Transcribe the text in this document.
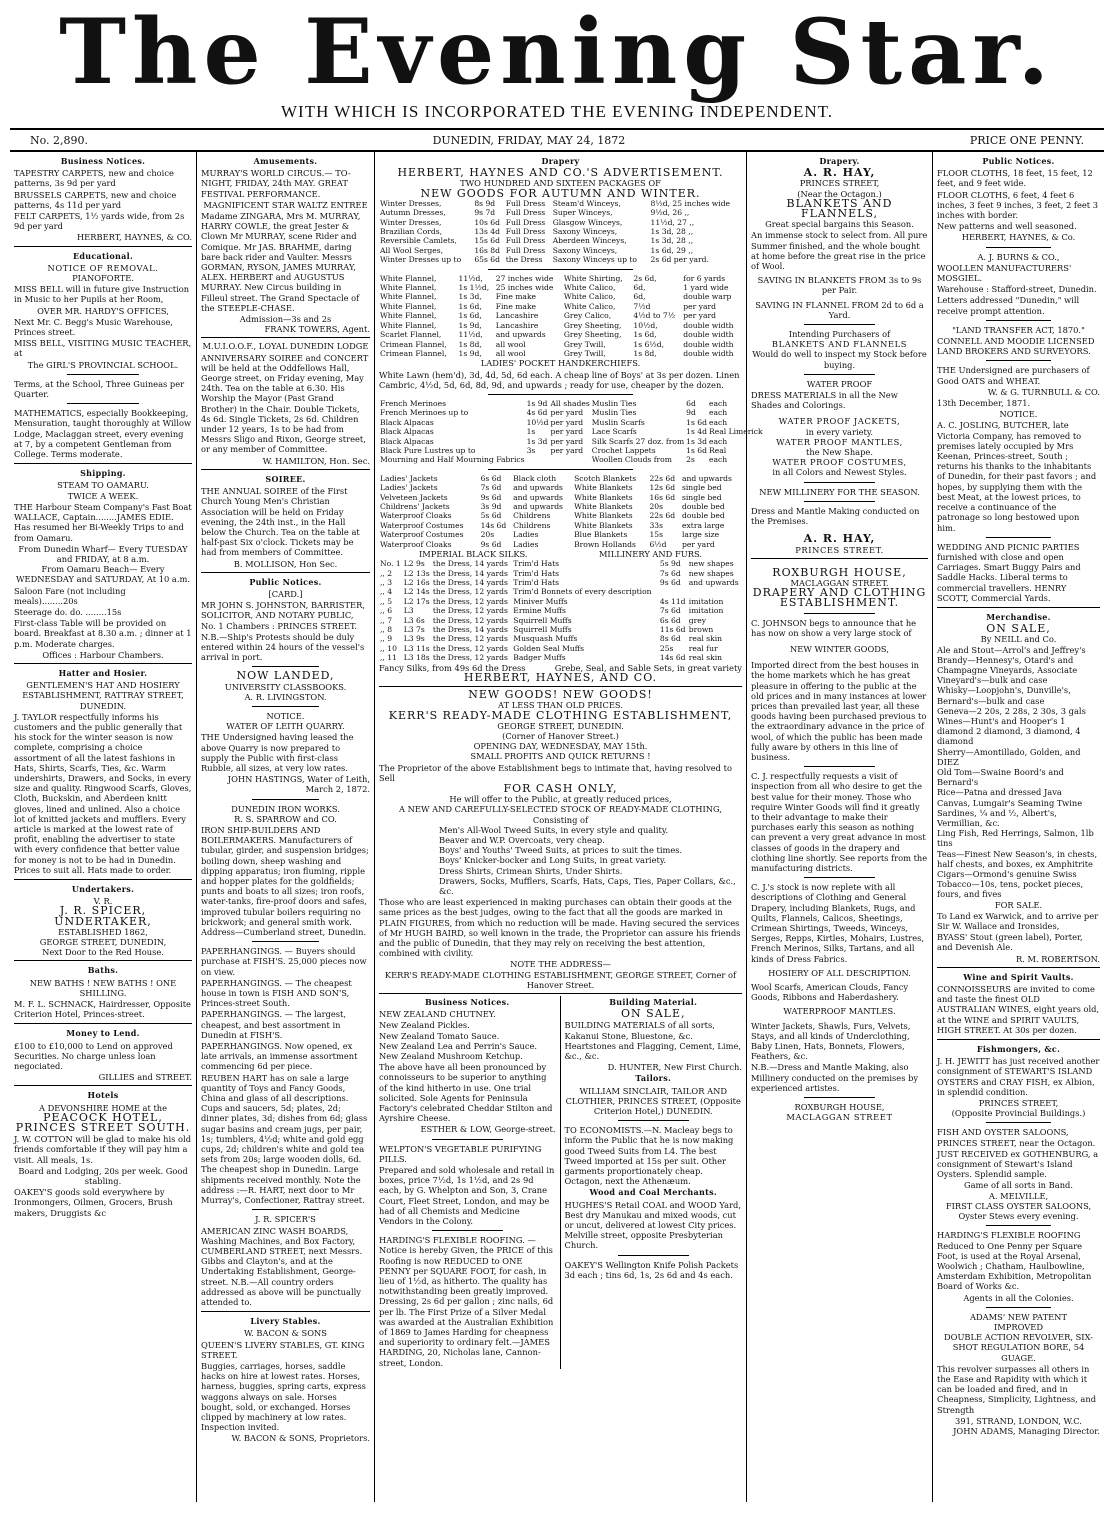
The Evening Star.
WITH WHICH IS INCORPORATED THE EVENING INDEPENDENT.
No. 2,890.	DUNEDIN, FRIDAY, MAY 24, 1872	PRICE ONE PENNY.
Business Notices.
TAPESTRY CARPETS, new and choice patterns, 3s 9d per yard
BRUSSELS CARPETS, new and choice patterns, 4s 11d per yard
FELT CARPETS, 1½ yards wide, from 2s 9d per yard
HERBERT, HAYNES, & CO.
Educational.
NOTICE OF REMOVAL.
PIANOFORTE.
MISS BELL will in future give Instruction in Music to her Pupils at her Room,
OVER MR. HARDY'S OFFICES,
Next Mr. C. Begg's Music Warehouse, Princes street.
MISS BELL, VISITING MUSIC TEACHER, at
The GIRL'S PROVINCIAL SCHOOL.
Terms, at the School, Three Guineas per Quarter.
MATHEMATICS, especially Bookkeeping, Mensuration, taught thoroughly at Willow Lodge, Maclaggan street, every evening at 7, by a competent Gentleman from College. Terms moderate.
Shipping.
STEAM TO OAMARU.
TWICE A WEEK.
THE Harbour Steam Company's Fast Boat WALLACE, Captain........JAMES EDIE. Has resumed her Bi-Weekly Trips to and from Oamaru.
From Dunedin Wharf— Every TUESDAY and FRIDAY, at 8 a.m.
From Oamaru Beach— Every WEDNESDAY and SATURDAY, At 10 a.m.
Saloon Fare (not including meals)........20s
Steerage do. do. ........15s
First-class Table will be provided on board. Breakfast at 8.30 a.m. ; dinner at 1 p.m. Moderate charges.
Offices : Harbour Chambers.
Hatter and Hosier.
GENTLEMEN'S HAT AND HOSIERY ESTABLISHMENT, RATTRAY STREET, DUNEDIN.
J. TAYLOR respectfully informs his customers and the public generally that his stock for the winter season is now complete, comprising a choice assortment of all the latest fashions in Hats, Shirts, Scarfs, Ties, &c. Warm undershirts, Drawers, and Socks, in every size and quality. Ringwood Scarfs, Gloves, Cloth, Buckskin, and Aberdeen knitt gloves, lined and unlined. Also a choice lot of knitted jackets and mufflers. Every article is marked at the lowest rate of profit, enabling the advertiser to state with every confidence that better value for money is not to be had in Dunedin. Prices to suit all. Hats made to order.
Undertakers.
V. R.
J. R. SPICER, UNDERTAKER,
ESTABLISHED 1862,
GEORGE STREET, DUNEDIN,
Next Door to the Red House.
Baths.
NEW BATHS ! NEW BATHS ! ONE SHILLING.
M. F. L. SCHNACK, Hairdresser, Opposite Criterion Hotel, Princes-street.
Money to Lend.
£100 to £10,000 to Lend on approved Securities. No charge unless loan negociated.
GILLIES and STREET.
Hotels
A DEVONSHIRE HOME at the
PEACOCK HOTEL, PRINCES STREET SOUTH.
J. W. COTTON will be glad to make his old friends comfortable if they will pay him a visit. All meals, 1s.
Board and Lodging, 20s per week. Good stabling.
OAKEY'S goods sold everywhere by Ironmongers, Oilmen, Grocers, Brush makers, Druggists &c
Amusements.
MURRAY'S WORLD CIRCUS.— TO-NIGHT, FRIDAY, 24th MAY. GREAT FESTIVAL PERFORMANCE.
MAGNIFICENT STAR WALTZ ENTREE
Madame ZINGARA, Mrs M. MURRAY, HARRY COWLE, the great Jester & Clown Mr MURRAY, scene Rider and Comique. Mr JAS. BRAHME, daring bare back rider and Vaulter. Messrs GORMAN, RYSON, JAMES MURRAY, ALEX. HERBERT and AUGUSTUS MURRAY. New Circus building in Filleul street. The Grand Spectacle of the STEEPLE-CHASE.
Admission—3s and 2s
FRANK TOWERS, Agent.
M.U.I.O.O.F., LOYAL DUNEDIN LODGE
ANNIVERSARY SOIREE and CONCERT will be held at the Oddfellows Hall, George street, on Friday evening, May 24th. Tea on the table at 6.30. His Worship the Mayor (Past Grand Brother) in the Chair. Double Tickets, 4s 6d. Single Tickets, 2s 6d. Children under 12 years, 1s to be had from Messrs Sligo and Rixon, George street, or any member of Committee.
W. HAMILTON, Hon. Sec.
SOIREE.
THE ANNUAL SOIREE of the First Church Young Men's Christian Association will be held on Friday evening, the 24th inst., in the Hall below the Church. Tea on the table at half-past Six o'clock. Tickets may be had from members of Committee.
B. MOLLISON, Hon Sec.
Public Notices.
[CARD.]
MR JOHN S. JOHNSTON, BARRISTER, SOLICITOR, AND NOTARY PUBLIC, No. 1 Chambers : PRINCES STREET.
N.B.—Ship's Protests should be duly entered within 24 hours of the vessel's arrival in port.
NOW LANDED,
UNIVERSITY CLASSBOOKS.
A. R. LIVINGSTON.
NOTICE.
WATER OF LEITH QUARRY.
THE Undersigned having leased the above Quarry is now prepared to supply the Public with first-class Rubble, all sizes, at very low rates.
JOHN HASTINGS, Water of Leith, March 2, 1872.
DUNEDIN IRON WORKS.
R. S. SPARROW and CO.
IRON SHIP-BUILDERS AND BOILERMAKERS. Manufacturers of tubular, girder, and suspension bridges; boiling down, sheep washing and dipping apparatus; iron fluming, ripple and hopper plates for the goldfields; punts and boats to all sizes; iron roofs, water-tanks, fire-proof doors and safes, improved tubular boilers requiring no brickwork; and general smith work. Address—Cumberland street, Dunedin.
PAPERHANGINGS. — Buyers should purchase at FISH'S. 25,000 pieces now on view.
PAPERHANGINGS. — The cheapest house in town is FISH AND SON'S, Princes-street South.
PAPERHANGINGS. — The largest, cheapest, and best assortment in Dunedin at FISH'S.
PAPERHANGINGS. Now opened, ex late arrivals, an immense assortment commencing 6d per piece.
REUBEN HART has on sale a large quantity of Toys and Fancy Goods, China and glass of all descriptions. Cups and saucers, 5d; plates, 2d; dinner plates, 3d; dishes from 6d; glass sugar basins and cream jugs, per pair, 1s; tumblers, 4½d; white and gold egg cups, 2d; children's white and gold tea sets from 20s; large wooden dolls, 6d. The cheapest shop in Dunedin. Large shipments received monthly. Note the address :—R. HART, next door to Mr Murray's, Confectioner, Rattray street.
J. R. SPICER'S
AMERICAN ZINC WASH BOARDS, Washing Machines, and Box Factory, CUMBERLAND STREET, next Messrs. Gibbs and Clayton's, and at the Undertaking Establishment, George-street. N.B.—All country orders addressed as above will be punctually attended to.
Livery Stables.
W. BACON & SONS
QUEEN'S LIVERY STABLES, GT. KING STREET.
Buggies, carriages, horses, saddle hacks on hire at lowest rates. Horses, harness, buggies, spring carts, express waggons always on sale. Horses bought, sold, or exchanged. Horses clipped by machinery at low rates. Inspection invited.
W. BACON & SONS, Proprietors.
Drapery
HERBERT, HAYNES AND CO.'S ADVERTISEMENT.
TWO HUNDRED AND SIXTEEN PACKAGES OF
NEW GOODS FOR AUTUMN AND WINTER.
Winter Dresses,	8s 9d	Full Dress	Steam'd Winceys,	8½d, 25 inches wide
Autumn Dresses,	9s 7d	Full Dress	Super Winceys,	9½d, 26 ,,
Winter Dresses,	10s 6d	Full Dress	Glasgow Winceys,	11½d, 27 ,,
Brazilian Cords,	13s 4d	Full Dress	Saxony Winceys,	1s 3d, 28 ,,
Reversible Camlets,	15s 6d	Full Dress	Aberdeen Winceys,	1s 3d, 28 ,,
All Wool Serges,	16s 8d	Full Dress	Saxony Winceys,	1s 6d, 29 ,,
Winter Dresses up to	65s 6d	the Dress	Saxony Winceys up to	2s 6d per yard.
White Flannel,	11½d,	27 inches wide	White Shirting,	2s 6d,	for 6 yards
White Flannel,	1s 1½d,	25 inches wide	White Calico,	6d,	1 yard wide
White Flannel,	1s 3d,	Fine make	White Calico,	6d,	double warp
White Flannel,	1s 6d,	Fine make	White Calico,	7½d	per yard
White Flannel,	1s 6d,	Lancashire	Grey Calico,	4½d to 7½	per yard
White Flannel,	1s 9d,	Lancashire	Grey Sheeting,	10½d,	double width
Scarlet Flannel,	11½d,	and upwards	Grey Sheeting,	1s 6d,	double width
Crimean Flannel,	1s 8d,	all wool	Grey Twill,	1s 6½d,	double width
Crimean Flannel,	1s 9d,	all wool	Grey Twill,	1s 8d,	double width
LADIES' POCKET HANDKERCHIEFS.
White Lawn (hem'd), 3d, 4d, 5d, 6d each. A cheap line of Boys' at 3s per dozen. Linen Cambric, 4½d, 5d, 6d, 8d, 9d, and upwards ; ready for use, cheaper by the dozen.
French Merinoes	1s 9d	All shades	Muslin Ties	6d	each
French Merinoes up to	4s 6d	per yard	Muslin Ties	9d	each
Black Alpacas	10½d	per yard	Muslin Scarfs	1s 6d	each
Black Alpacas	1s	per yard	Lace Scarfs	1s 4d	Real Limerick
Black Alpacas	1s 3d	per yard	Silk Scarfs 27 doz. from	1s 3d	each
Black Pure Lustres up to	3s	per yard	Crochet Lappets	1s 6d	Real
Mourning and Half Mourning Fabrics			Woollen Clouds from	2s	each
Ladies' Jackets	6s 6d	Black cloth	Scotch Blankets	22s 6d	and upwards
Ladies' Jackets	7s 6d	and upwards	White Blankets	12s 6d	single bed
Velveteen Jackets	9s 6d	and upwards	White Blankets	16s 6d	single bed
Childrens' Jackets	3s 9d	and upwards	White Blankets	20s	double bed
Waterproof Cloaks	5s 6d	Childrens	White Blankets	22s 6d	double bed
Waterproof Costumes	14s 6d	Childrens	White Blankets	33s	extra large
Waterproof Costumes	20s	Ladies	Blue Blankets	15s	large size
Waterproof Cloaks	9s 6d	Ladies	Brown Hollands	6½d	per yard
IMPERIAL BLACK SILKS.	MILLINERY AND FURS.
No. 1	L2 9s	the Dress, 14 yards	Trim'd Hats	5s 9d	new shapes
,, 2	L2 13s	the Dress, 14 yards	Trim'd Hats	7s 6d	new shapes
,, 3	L2 16s	the Dress, 14 yards	Trim'd Hats	9s 6d	and upwards
,, 4	L2 14s	the Dress, 12 yards	Trim'd Bonnets of every description		
,, 5	L2 17s	the Dress, 12 yards	Miniver Muffs	4s 11d	imitation
,, 6	L3	the Dress, 12 yards	Ermine Muffs	7s 6d	imitation
,, 7	L3 6s	the Dress, 12 yards	Squirrell Muffs	6s 6d	grey
,, 8	L3 7s	the Dress, 14 yards	Squirrell Muffs	11s 6d	brown
,, 9	L3 9s	the Dress, 12 yards	Musquash Muffs	8s 6d	real skin
,, 10	L3 11s	the Dress, 12 yards	Golden Seal Muffs	25s	real fur
,, 11	L3 18s	the Dress, 12 yards	Badger Muffs	14s 6d	real skin
Fancy Silks, from 49s 6d the Dress	Grebe, Seal, and Sable Sets, in great variety
HERBERT, HAYNES, AND CO.
NEW GOODS! NEW GOODS!
AT LESS THAN OLD PRICES.
KERR'S READY-MADE CLOTHING ESTABLISHMENT,
GEORGE STREET, DUNEDIN.
(Corner of Hanover Street.)
OPENING DAY, WEDNESDAY, MAY 15th.
SMALL PROFITS AND QUICK RETURNS !
The Proprietor of the above Establishment begs to intimate that, having resolved to Sell
FOR CASH ONLY,
He will offer to the Public, at greatly reduced prices,
A NEW AND CAREFULLY-SELECTED STOCK OF READY-MADE CLOTHING,
Consisting of
Men's All-Wool Tweed Suits, in every style and quality.
Beaver and W.P. Overcoats, very cheap.
Boys' and Youths' Tweed Suits, at prices to suit the times.
Boys' Knicker-bocker and Long Suits, in great variety.
Dress Shirts, Crimean Shirts, Under Shirts.
Drawers, Socks, Mufflers, Scarfs, Hats, Caps, Ties, Paper Collars, &c., &c.
Those who are least experienced in making purchases can obtain their goods at the same prices as the best judges, owing to the fact that all the goods are marked in PLAIN FIGURES, from which no reduction will be made. Having secured the services of Mr HUGH BAIRD, so well known in the trade, the Proprietor can assure his friends and the public of Dunedin, that they may rely on receiving the best attention, combined with civility.
NOTE THE ADDRESS—
KERR'S READY-MADE CLOTHING ESTABLISHMENT, GEORGE STREET, Corner of Hanover Street.
Business Notices.
NEW ZEALAND CHUTNEY.
New Zealand Pickles.
New Zealand Tomato Sauce.
New Zealand Lea and Perrin's Sauce.
New Zealand Mushroom Ketchup.
The above have all been pronounced by connoisseurs to be superior to anything of the kind hitherto in use. One trial solicited. Sole Agents for Peninsula Factory's celebrated Cheddar Stilton and Ayrshire Cheese.
ESTHER & LOW, George-street.
WELPTON'S VEGETABLE PURIFYING PILLS.
Prepared and sold wholesale and retail in boxes, price 7½d, 1s 1½d, and 2s 9d each, by G. Whelpton and Son, 3, Crane Court, Fleet Street, London, and may be had of all Chemists and Medicine Vendors in the Colony.
HARDING'S FLEXIBLE ROOFING. —Notice is hereby Given, the PRICE of this Roofing is now REDUCED to ONE PENNY per SQUARE FOOT, for cash, in lieu of 1½d, as hitherto. The quality has notwithstanding been greatly improved. Dressing, 2s 6d per gallon ; zinc nails, 6d per lb. The First Prize of a Silver Medal was awarded at the Australian Exhibition of 1869 to James Harding for cheapness and superiority to ordinary felt.—JAMES HARDING, 20, Nicholas lane, Cannon-street, London.
Building Material.
ON SALE,
BUILDING MATERIALS of all sorts, Kakanui Stone, Bluestone, &c. Heartstones and Flagging, Cement, Lime, &c., &c.
D. HUNTER, New First Church.
Tailors.
WILLIAM SINCLAIR, TAILOR AND CLOTHIER, PRINCES STREET, (Opposite Criterion Hotel,) DUNEDIN.
TO ECONOMISTS.—N. Macleay begs to inform the Public that he is now making good Tweed Suits from L4. The best Tweed imported at 15s per suit. Other garments proportionately cheap. Octagon, next the Athenæum.
Wood and Coal Merchants.
HUGHES'S Retail COAL and WOOD Yard, Best dry Manukau and mixed woods, cut or uncut, delivered at lowest City prices. Melville street, opposite Presbyterian Church.
OAKEY'S Wellington Knife Polish Packets 3d each ; tins 6d, 1s, 2s 6d and 4s each.
Drapery.
A. R. HAY,
PRINCES STREET,
(Near the Octagon.)
BLANKETS AND FLANNELS,
Great special bargains this Season.
An immense stock to select from. All pure Summer finished, and the whole bought at home before the great rise in the price of Wool.
SAVING IN BLANKETS FROM 3s to 9s per Pair.
SAVING IN FLANNEL FROM 2d to 6d a Yard.
Intending Purchasers of
BLANKETS AND FLANNELS
Would do well to inspect my Stock before buying.
WATER PROOF
DRESS MATERIALS in all the New Shades and Colorings.
WATER PROOF JACKETS,
in every variety.
WATER PROOF MANTLES,
the New Shape.
WATER PROOF COSTUMES,
in all Colors and Newest Styles.
NEW MILLINERY FOR THE SEASON.
Dress and Mantle Making conducted on the Premises.
A. R. HAY,
PRINCES STREET.
ROXBURGH HOUSE,
MACLAGGAN STREET.
DRAPERY AND CLOTHING ESTABLISHMENT.
C. JOHNSON begs to announce that he has now on show a very large stock of
NEW WINTER GOODS,
Imported direct from the best houses in the home markets which he has great pleasure in offering to the public at the old prices and in many instances at lower prices than prevailed last year, all these goods having been purchased previous to the extraordinary advance in the price of wool, of which the public has been made fully aware by others in this line of business.
C. J. respectfully requests a visit of inspection from all who desire to get the best value for their money. Those who require Winter Goods will find it greatly to their advantage to make their purchases early this season as nothing can prevent a very great advance in most classes of goods in the drapery and clothing line shortly. See reports from the manufacturing districts.
C. J.'s stock is now replete with all descriptions of Clothing and General Drapery, including Blankets, Rugs, and Quilts, Flannels, Calicos, Sheetings, Crimean Shirtings, Tweeds, Winceys, Serges, Repps, Kirtles, Mohairs, Lustres, French Merinos, Silks, Tartans, and all kinds of Dress Fabrics.
HOSIERY OF ALL DESCRIPTION.
Wool Scarfs, American Clouds, Fancy Goods, Ribbons and Haberdashery.
WATERPROOF MANTLES.
Winter Jackets, Shawls, Furs, Velvets, Stays, and all kinds of Underclothing, Baby Linen, Hats, Bonnets, Flowers, Feathers, &c.
N.B.—Dress and Mantle Making, also Millinery conducted on the premises by experienced artistes.
ROXBURGH HOUSE,
MACLAGGAN STREET
Public Notices.
FLOOR CLOTHS, 18 feet, 15 feet, 12 feet, and 9 feet wide.
FLOOR CLOTHS, 6 feet, 4 feet 6 inches, 3 feet 9 inches, 3 feet, 2 feet 3 inches with border.
New patterns and well seasoned.
HERBERT, HAYNES, & Co.
A. J. BURNS & CO.,
WOOLLEN MANUFACTURERS' MOSGIEL.
Warehouse : Stafford-street, Dunedin.
Letters addressed "Dunedin," will receive prompt attention.
"LAND TRANSFER ACT, 1870."
CONNELL AND MOODIE LICENSED LAND BROKERS AND SURVEYORS.
THE Undersigned are purchasers of Good OATS and WHEAT.
W. & G. TURNBULL & CO.
13th December, 1871.
NOTICE.
A. C. JOSLING, BUTCHER, late Victoria Company, has removed to premises lately occupied by Mrs Keenan, Princes-street, South ; returns his thanks to the inhabitants of Dunedin, for their past favors ; and hopes, by supplying them with the best Meat, at the lowest prices, to receive a continuance of the patronage so long bestowed upon him.
WEDDING AND PICNIC PARTIES furnished with close and open Carriages. Smart Buggy Pairs and Saddle Hacks. Liberal terms to commercial travellers. HENRY SCOTT, Commercial Yards.
Merchandise.
ON SALE,
By NEILL and Co.
Ale and Stout—Arrol's and Jeffrey's
Brandy—Hennesy's, Otard's and Champagne Vineyards, Associate Vineyard's—bulk and case
Whisky—Loopjohn's, Dunville's, Bernard's—bulk and case
Geneva—2 20s, 2 28s, 2 30s, 3 gals
Wines—Hunt's and Hooper's 1 diamond 2 diamond, 3 diamond, 4 diamond
Sherry—Amontillado, Golden, and DIEZ
Old Tom—Swaine Boord's and Bernard's
Rice—Patna and dressed Java
Canvas, Lumgair's Seaming Twine
Sardines, ¼ and ½, Albert's, Vermillian, &c.
Ling Fish, Red Herrings, Salmon, 1lb tins
Teas—Finest New Season's, in chests, half chests, and boxes, ex Amphitrite
Cigars—Ormond's genuine Swiss
Tobacco—10s, tens, pocket pieces, fours, and fives
FOR SALE.
To Land ex Warwick, and to arrive per Sir W. Wallace and Ironsides,
BYASS' Stout (green label), Porter, and Devenish Ale.
R. M. ROBERTSON.
Wine and Spirit Vaults.
CONNOISSEURS are invited to come and taste the finest OLD AUSTRALIAN WINES, eight years old, at the WINE and SPIRIT VAULTS, HIGH STREET. At 30s per dozen.
Fishmongers, &c.
J. H. JEWITT has just received another consignment of STEWART'S ISLAND OYSTERS and CRAY FISH, ex Albion, in splendid condition.
PRINCES STREET,
(Opposite Provincial Buildings.)
FISH AND OYSTER SALOONS, PRINCES STREET, near the Octagon.
JUST RECEIVED ex GOTHENBURG, a consignment of Stewart's Island Oysters. Splendid sample.
Game of all sorts in Band.
A. MELVILLE,
FIRST CLASS OYSTER SALOONS, Oyster Stews every evening.
HARDING'S FLEXIBLE ROOFING Reduced to One Penny per Square Foot, is used at the Royal Arsenal, Woolwich ; Chatham, Haulbowline, Amsterdam Exhibition, Metropolitan Board of Works &c.
Agents in all the Colonies.
ADAMS' NEW PATENT
IMPROVED
DOUBLE ACTION REVOLVER, SIX-SHOT REGULATION BORE, 54 GUAGE.
This revolver surpasses all others in the Ease and Rapidity with which it can be loaded and fired, and in Cheapness, Simplicity, Lightness, and Strength
391, STRAND, LONDON, W.C.
JOHN ADAMS, Managing Director.
